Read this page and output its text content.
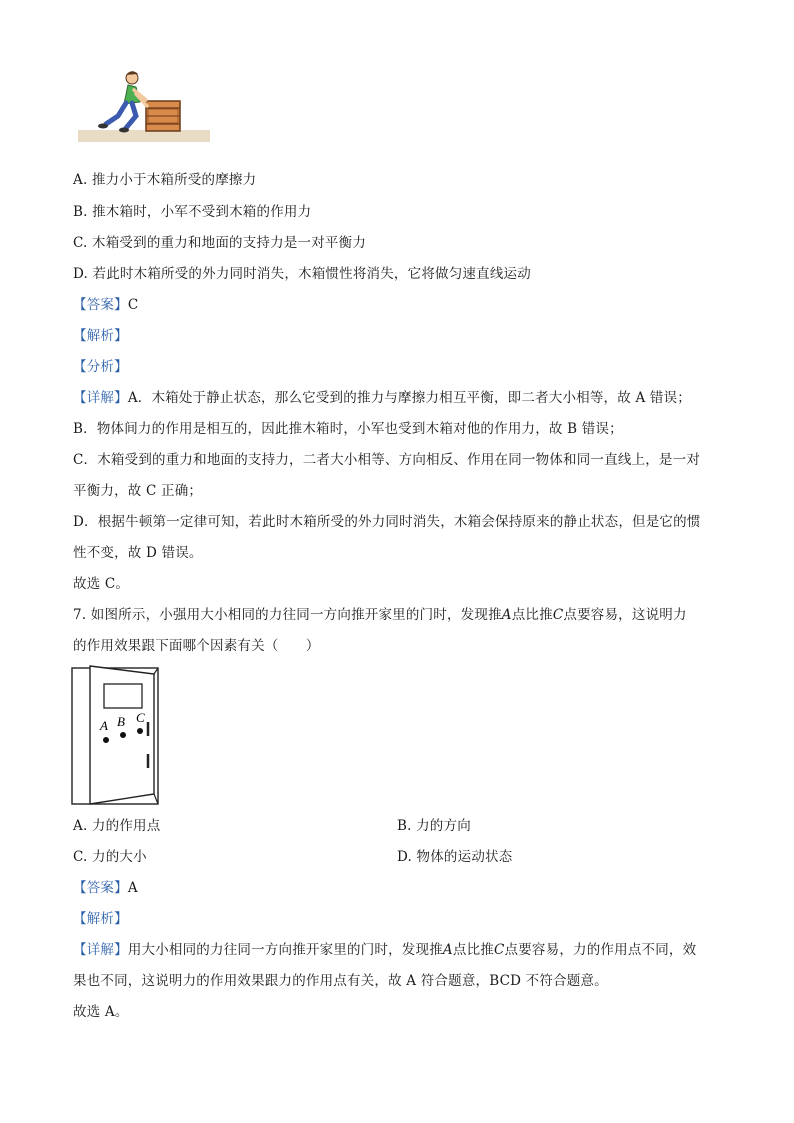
A. 推力小于木箱所受的摩擦力
B. 推木箱时，小军不受到木箱的作用力
C. 木箱受到的重力和地面的支持力是一对平衡力
D. 若此时木箱所受的外力同时消失，木箱惯性将消失，它将做匀速直线运动
【答案】C
【解析】
【分析】
【详解】A．木箱处于静止状态，那么它受到的推力与摩擦力相互平衡，即二者大小相等，故 A 错误；
B．物体间力的作用是相互的，因此推木箱时，小军也受到木箱对他的作用力，故 B 错误；
C．木箱受到的重力和地面的支持力，二者大小相等、方向相反、作用在同一物体和同一直线上，是一对
平衡力，故 C 正确；
D．根据牛顿第一定律可知，若此时木箱所受的外力同时消失，木箱会保持原来的静止状态，但是它的惯
性不变，故 D 错误。
故选 C。
7. 如图所示，小强用大小相同的力往同一方向推开家里的门时，发现推A点比推C点要容易，这说明力
的作用效果跟下面哪个因素有关（　　）
A B C
A. 力的作用点	B. 力的方向
C. 力的大小	D. 物体的运动状态
【答案】A
【解析】
【详解】用大小相同的力往同一方向推开家里的门时，发现推A点比推C点要容易，力的作用点不同，效
果也不同，这说明力的作用效果跟力的作用点有关，故 A 符合题意，BCD 不符合题意。
故选 A。
